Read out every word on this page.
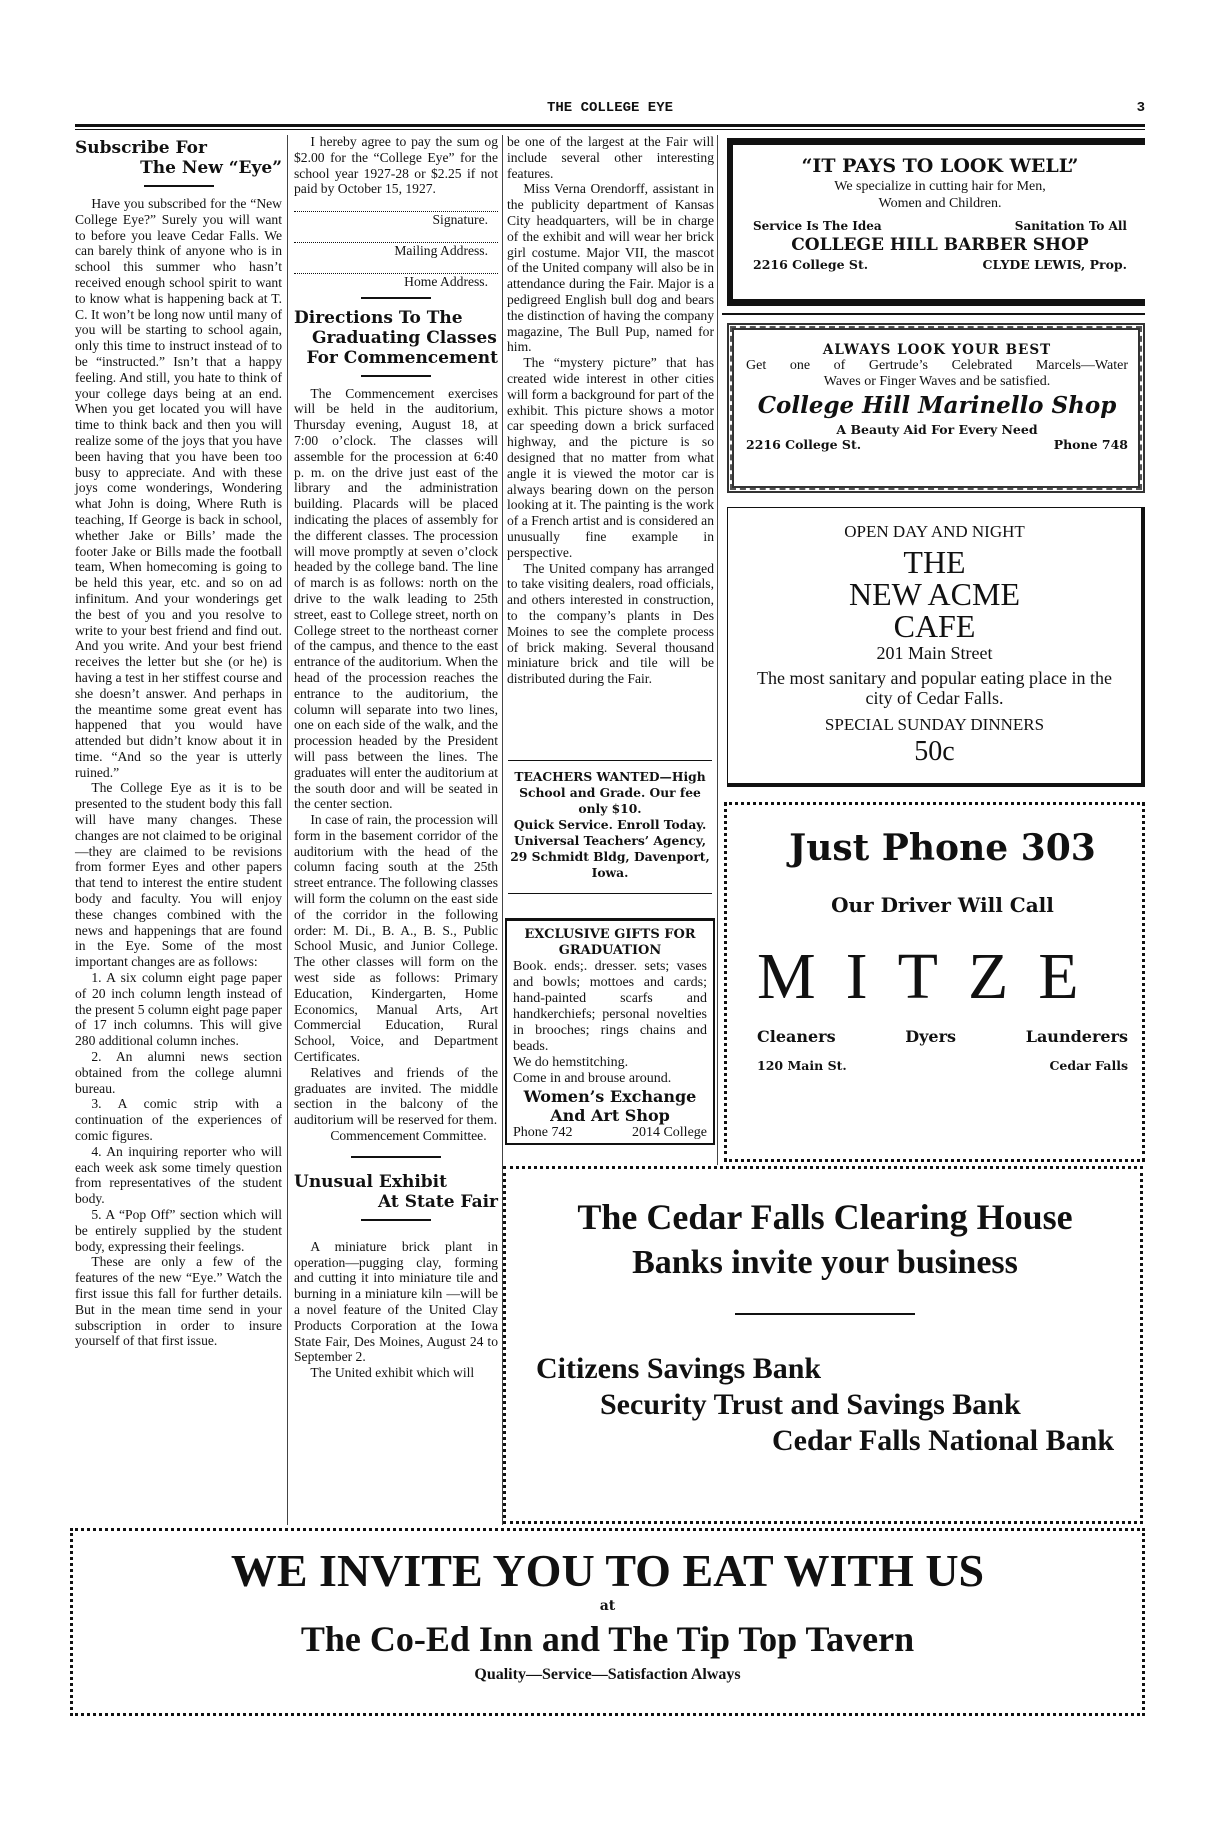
THE COLLEGE EYE	3
Subscribe For
The New “Eye”

Have you subscribed for the “New College Eye?” Surely you will want to before you leave Cedar Falls. We can barely think of anyone who is in school this summer who hasn’t received enough school spirit to want to know what is happening back at T. C. It won’t be long now until many of you will be starting to school again, only this time to instruct instead of to be “instructed.” Isn’t that a happy feeling. And still, you hate to think of your college days being at an end. When you get located you will have time to think back and then you will realize some of the joys that you have been having that you have been too busy to appreciate. And with these joys come wonderings, Wondering what John is doing, Where Ruth is teaching, If George is back in school, whether Jake or Bills’ made the footer Jake or Bills made the football team, When homecoming is going to be held this year, etc. and so on ad infinitum. And your wonderings get the best of you and you resolve to write to your best friend and find out. And you write. And your best friend receives the letter but she (or he) is having a test in her stiffest course and she doesn’t answer. And perhaps in the meantime some great event has happened that you would have attended but didn’t know about it in time. “And so the year is utterly ruined.”

The College Eye as it is to be presented to the student body this fall will have many changes. These changes are not claimed to be original—they are claimed to be revisions from former Eyes and other papers that tend to interest the entire student body and faculty. You will enjoy these changes combined with the news and happenings that are found in the Eye. Some of the most important changes are as follows:

1. A six column eight page paper of 20 inch column length instead of the present 5 column eight page paper of 17 inch columns. This will give 280 additional column inches.

2. An alumni news section obtained from the college alumni bureau.

3. A comic strip with a continuation of the experiences of comic figures.

4. An inquiring reporter who will each week ask some timely question from representatives of the student body.

5. A “Pop Off” section which will be entirely supplied by the student body, expressing their feelings.

These are only a few of the features of the new “Eye.” Watch the first issue this fall for further details. But in the mean time send in your subscription in order to insure yourself of that first issue.

I hereby agree to pay the sum og $2.00 for the “College Eye” for the school year 1927-28 or $2.25 if not paid by October 15, 1927.

Signature.
Mailing Address.
Home Address.
Directions To The
Graduating Classes
For Commencement

The Commencement exercises will be held in the auditorium, Thursday evening, August 18, at 7:00 o’clock. The classes will assemble for the procession at 6:40 p. m. on the drive just east of the library and the administration building. Placards will be placed indicating the places of assembly for the different classes. The procession will move promptly at seven o’clock headed by the college band. The line of march is as follows: north on the drive to the walk leading to 25th street, east to College street, north on College street to the northeast corner of the campus, and thence to the east entrance of the auditorium. When the head of the procession reaches the entrance to the auditorium, the column will separate into two lines, one on each side of the walk, and the procession headed by the President will pass between the lines. The graduates will enter the auditorium at the south door and will be seated in the center section.

In case of rain, the procession will form in the basement corridor of the auditorium with the head of the column facing south at the 25th street entrance. The following classes will form the column on the east side of the corridor in the following order: M. Di., B. A., B. S., Public School Music, and Junior College. The other classes will form on the west side as follows: Primary Education, Kindergarten, Home Economics, Manual Arts, Art Commercial Education, Rural School, Voice, and Department Certificates.

Relatives and friends of the graduates are invited. The middle section in the balcony of the auditorium will be reserved for them.

Commencement Committee.

Unusual Exhibit
At State Fair

A miniature brick plant in operation—pugging clay, forming and cutting it into miniature tile and burning in a miniature kiln —will be a novel feature of the United Clay Products Corporation at the Iowa State Fair, Des Moines, August 24 to September 2.

The United exhibit which will

be one of the largest at the Fair will include several other interesting features.

Miss Verna Orendorff, assistant in the publicity department of Kansas City headquarters, will be in charge of the exhibit and will wear her brick girl costume. Major VII, the mascot of the United company will also be in attendance during the Fair. Major is a pedigreed English bull dog and bears the distinction of having the company magazine, The Bull Pup, named for him.

The “mystery picture” that has created wide interest in other cities will form a background for part of the exhibit. This picture shows a motor car speeding down a brick surfaced highway, and the picture is so designed that no matter from what angle it is viewed the motor car is always bearing down on the person looking at it. The painting is the work of a French artist and is considered an unusually fine example in perspective.

The United company has arranged to take visiting dealers, road officials, and others interested in construction, to the company’s plants in Des Moines to see the complete process of brick making. Several thousand miniature brick and tile will be distributed during the Fair.

TEACHERS WANTED—High School and Grade. Our fee only $10.
Quick Service. Enroll Today. Universal Teachers’ Agency, 29 Schmidt Bldg, Davenport, Iowa.
EXCLUSIVE GIFTS FOR GRADUATION
Book. ends;. dresser. sets; vases and bowls; mottoes and cards; hand-painted scarfs and handkerchiefs; personal novelties in brooches; rings chains and beads.
We do hemstitching.
Come in and brouse around.
Women’s Exchange
And Art Shop
Phone 742	2014 College
“IT PAYS TO LOOK WELL”
We specialize in cutting hair for Men,
Women and Children.
Service Is The Idea	Sanitation To All
COLLEGE HILL BARBER SHOP
2216 College St.	CLYDE LEWIS, Prop.
ALWAYS LOOK YOUR BEST
Get one of Gertrude’s Celebrated Marcels—Water
Waves or Finger Waves and be satisfied.
College Hill Marinello Shop
A Beauty Aid For Every Need
2216 College St.	Phone 748
OPEN DAY AND NIGHT
THE
NEW ACME
CAFE
201 Main Street
The most sanitary and popular eating place in the city of Cedar Falls.
SPECIAL SUNDAY DINNERS
50c
Just Phone 303
Our Driver Will Call
MITZE
Cleaners	Dyers	Launderers
120 Main St.	Cedar Falls
The Cedar Falls Clearing House
Banks invite your business
Citizens Savings Bank
Security Trust and Savings Bank
Cedar Falls National Bank
WE INVITE YOU TO EAT WITH US
at
The Co-Ed Inn and The Tip Top Tavern
Quality—Service—Satisfaction Always
